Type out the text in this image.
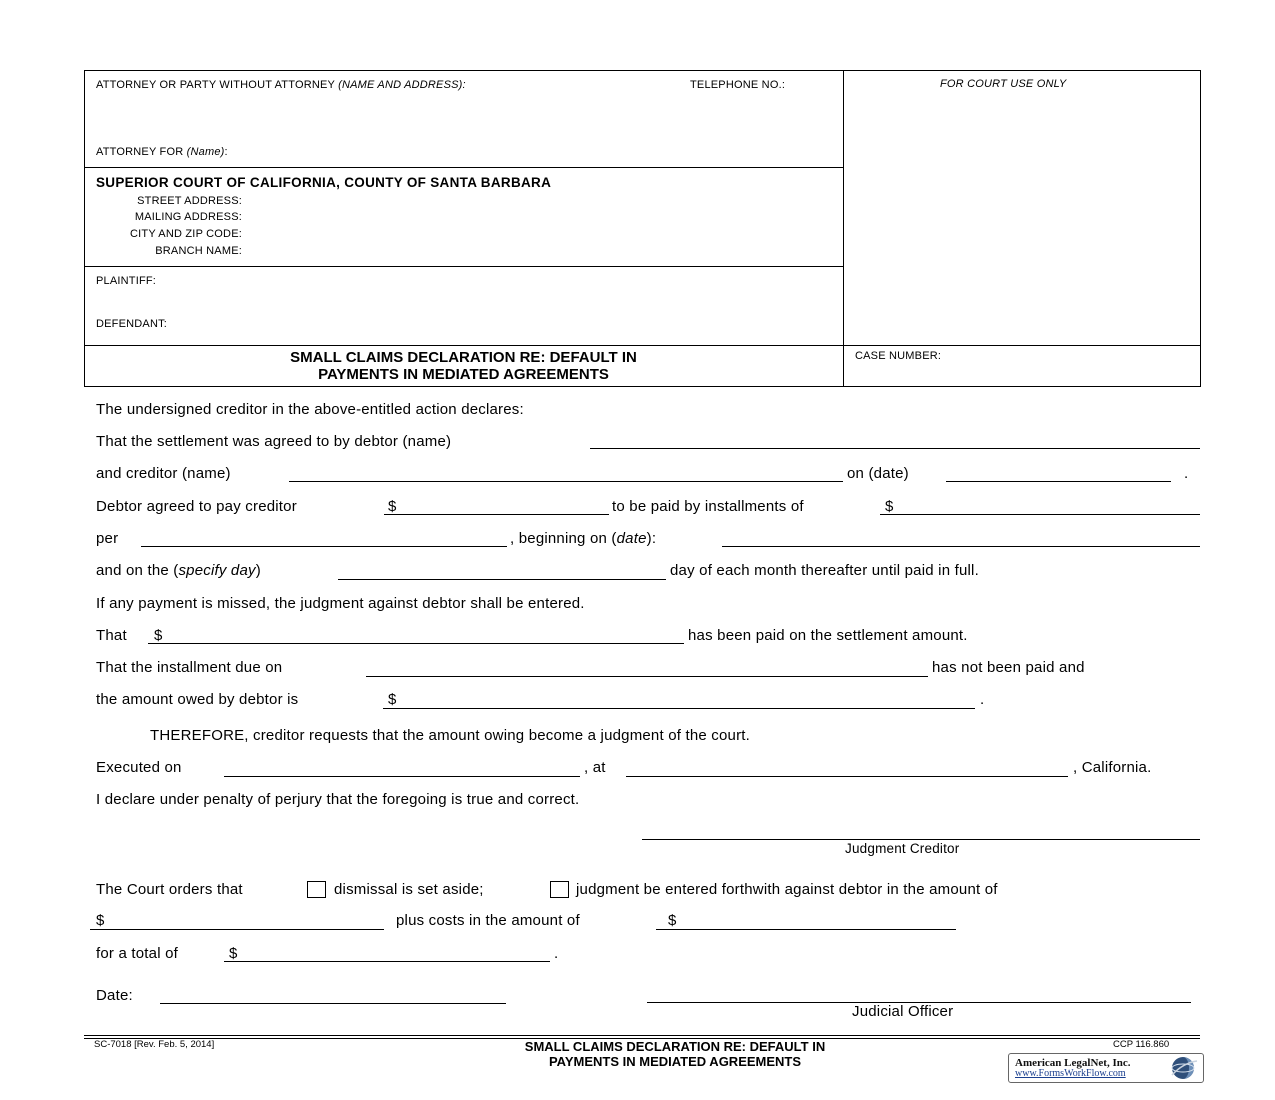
ATTORNEY OR PARTY WITHOUT ATTORNEY (NAME AND ADDRESS):	TELEPHONE NO.:	FOR COURT USE ONLY
ATTORNEY FOR (Name):
SUPERIOR COURT OF CALIFORNIA, COUNTY OF SANTA BARBARA
STREET ADDRESS:
MAILING ADDRESS:
CITY AND ZIP CODE:
BRANCH NAME:
PLAINTIFF:
DEFENDANT:
SMALL CLAIMS DECLARATION RE: DEFAULT IN
PAYMENTS IN MEDIATED AGREEMENTS
CASE NUMBER:
The undersigned creditor in the above-entitled action declares:
That the settlement was agreed to by debtor (name)
and creditor (name)	on (date)	.
Debtor agreed to pay creditor	$	to be paid by installments of	$
per	, beginning on (date):
and on the (specify day)	day of each month thereafter until paid in full.
If any payment is missed, the judgment against debtor shall be entered.
That $	has been paid on the settlement amount.
That the installment due on	has not been paid and
the amount owed by debtor is	$	.
THEREFORE, creditor requests that the amount owing become a judgment of the court.
Executed on	, at	, California.
I declare under penalty of perjury that the foregoing is true and correct.
Judgment Creditor
The Court orders that	dismissal is set aside;	judgment be entered forthwith against debtor in the amount of
$	plus costs in the amount of	$
for a total of	$	.
Date:
Judicial Officer
SC-7018 [Rev. Feb. 5, 2014]	SMALL CLAIMS DECLARATION RE: DEFAULT IN
PAYMENTS IN MEDIATED AGREEMENTS
CCP 116.860
American LegalNet, Inc.
www.FormsWorkFlow.com
